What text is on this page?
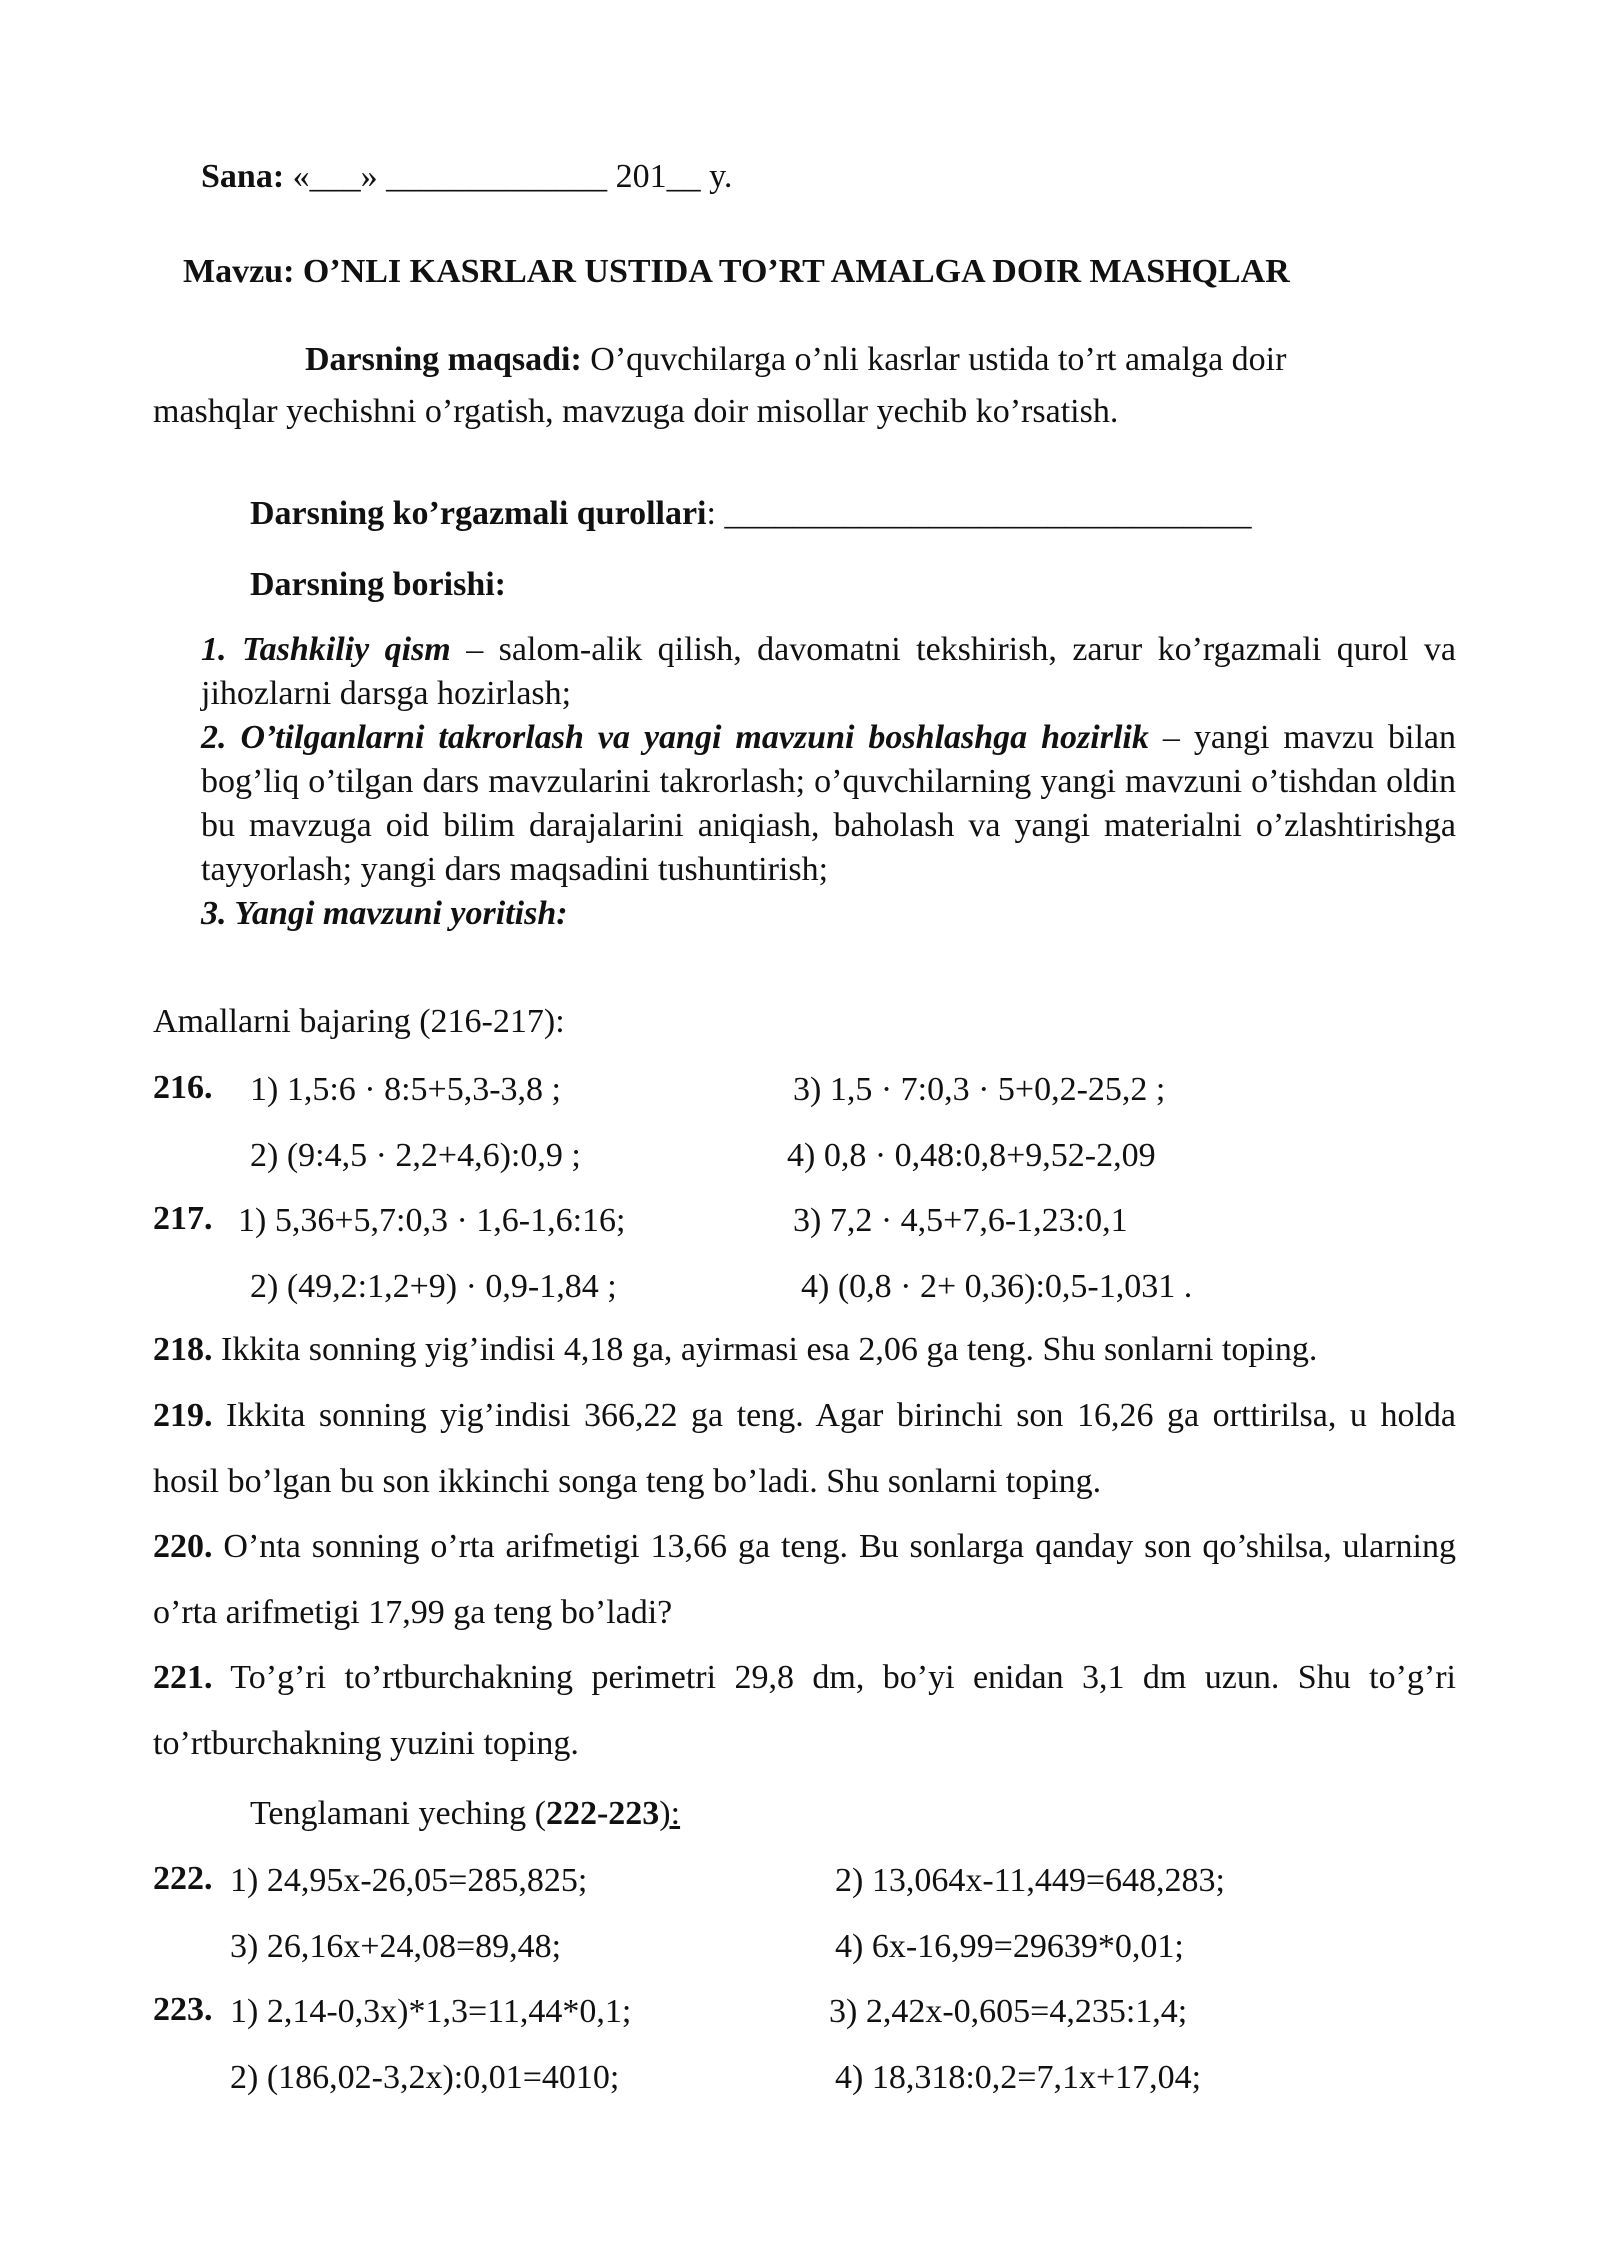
Sana: «___» _____________ 201__ y.
Mavzu: O’NLI KASRLAR USTIDA TO’RT AMALGA DOIR MASHQLAR
Darsning maqsadi: O’quvchilarga o’nli kasrlar ustida to’rt amalga doir
mashqlar yechishni o’rgatish, mavzuga doir misollar yechib ko’rsatish.
Darsning ko’rgazmali qurollari: _______________________________
Darsning borishi:
1. Tashkiliy qism – salom-alik qilish, davomatni tekshirish, zarur ko’rgazmali qurol va jihozlarni darsga hozirlash;
2. O’tilganlarni takrorlash va yangi mavzuni boshlashga hozirlik – yangi mavzu bilan bog’liq o’tilgan dars mavzularini takrorlash; o’quvchilarning yangi mavzuni o’tishdan oldin bu mavzuga oid bilim darajalarini aniqiash, baholash va yangi materialni o’zlashtirishga tayyorlash; yangi dars maqsadini tushuntirish;
3. Yangi mavzuni yoritish:
Amallarni bajaring (216-217):
216. 1) 1,5:6 · 8:5+5,3-3,8 ;	3) 1,5 · 7:0,3 · 5+0,2-25,2 ;
2) (9:4,5 · 2,2+4,6):0,9 ;	4) 0,8 · 0,48:0,8+9,52-2,09
217. 1) 5,36+5,7:0,3 · 1,6-1,6:16;	3) 7,2 · 4,5+7,6-1,23:0,1
2) (49,2:1,2+9) · 0,9-1,84 ;	4) (0,8 · 2+ 0,36):0,5-1,031 .
218. Ikkita sonning yig’indisi 4,18 ga, ayirmasi esa 2,06 ga teng. Shu sonlarni toping.
219. Ikkita sonning yig’indisi 366,22 ga teng. Agar birinchi son 16,26 ga orttirilsa, u holda hosil bo’lgan bu son ikkinchi songa teng bo’ladi. Shu sonlarni toping.
220. O’nta sonning o’rta arifmetigi 13,66 ga teng. Bu sonlarga qanday son qo’shilsa, ularning o’rta arifmetigi 17,99 ga teng bo’ladi?
221. To’g’ri to’rtburchakning perimetri 29,8 dm, bo’yi enidan 3,1 dm uzun. Shu to’g’ri to’rtburchakning yuzini toping.
Tenglamani yeching (222-223):
222. 1) 24,95x-26,05=285,825;	2) 13,064x-11,449=648,283;
3) 26,16x+24,08=89,48;	4) 6x-16,99=29639*0,01;
223. 1) 2,14-0,3x)*1,3=11,44*0,1;	3) 2,42x-0,605=4,235:1,4;
2) (186,02-3,2x):0,01=4010;	4) 18,318:0,2=7,1x+17,04;
